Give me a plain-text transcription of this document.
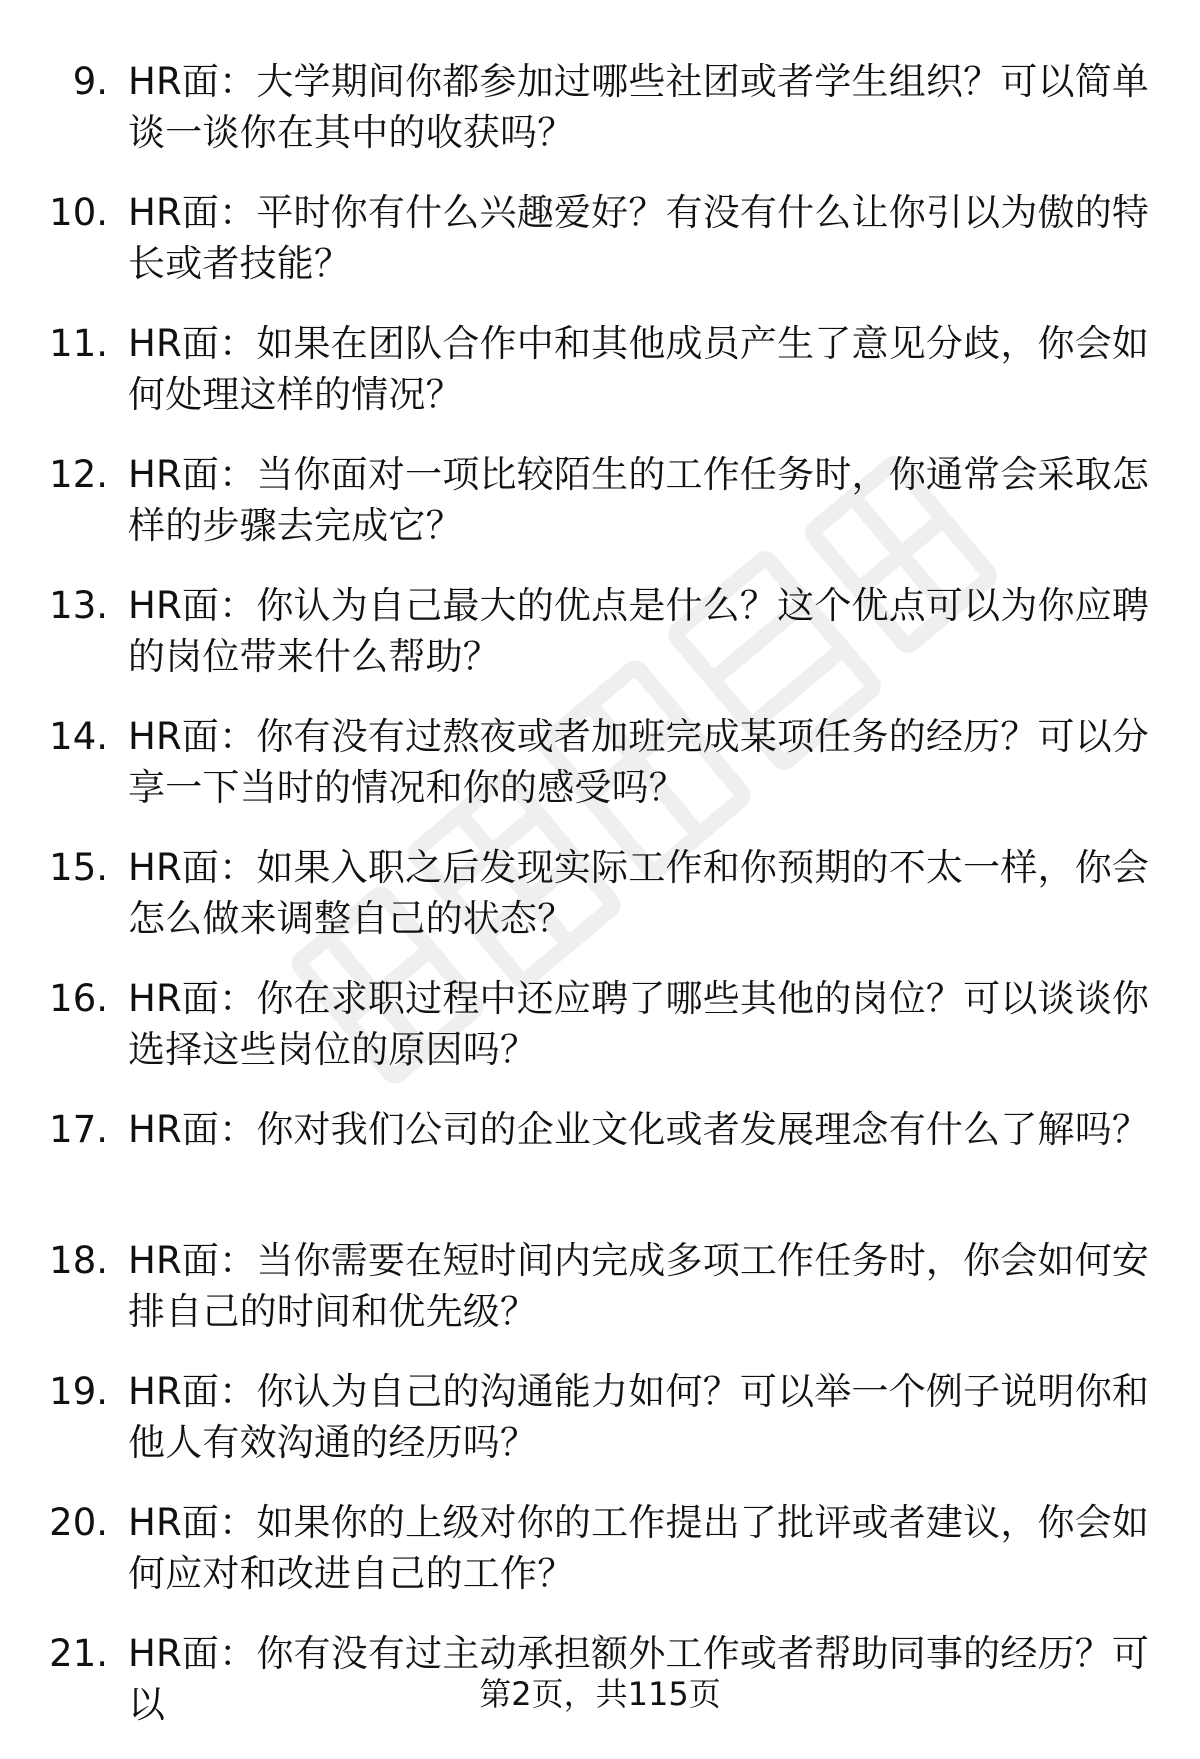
9. HR面：大学期间你都参加过哪些社团或者学生组织？可以简单谈一谈你在其中的收获吗？
10. HR面：平时你有什么兴趣爱好？有没有什么让你引以为傲的特长或者技能？
11. HR面：如果在团队合作中和其他成员产生了意见分歧，你会如何处理这样的情况？
12. HR面：当你面对一项比较陌生的工作任务时，你通常会采取怎样的步骤去完成它？
13. HR面：你认为自己最大的优点是什么？这个优点可以为你应聘的岗位带来什么帮助？
14. HR面：你有没有过熬夜或者加班完成某项任务的经历？可以分享一下当时的情况和你的感受吗？
15. HR面：如果入职之后发现实际工作和你预期的不太一样，你会怎么做来调整自己的状态？
16. HR面：你在求职过程中还应聘了哪些其他的岗位？可以谈谈你选择这些岗位的原因吗？
17. HR面：你对我们公司的企业文化或者发展理念有什么了解吗？
18. HR面：当你需要在短时间内完成多项工作任务时，你会如何安排自己的时间和优先级？
19. HR面：你认为自己的沟通能力如何？可以举一个例子说明你和他人有效沟通的经历吗？
20. HR面：如果你的上级对你的工作提出了批评或者建议，你会如何应对和改进自己的工作？
21. HR面：你有没有过主动承担额外工作或者帮助同事的经历？可以	第2页，共115页
